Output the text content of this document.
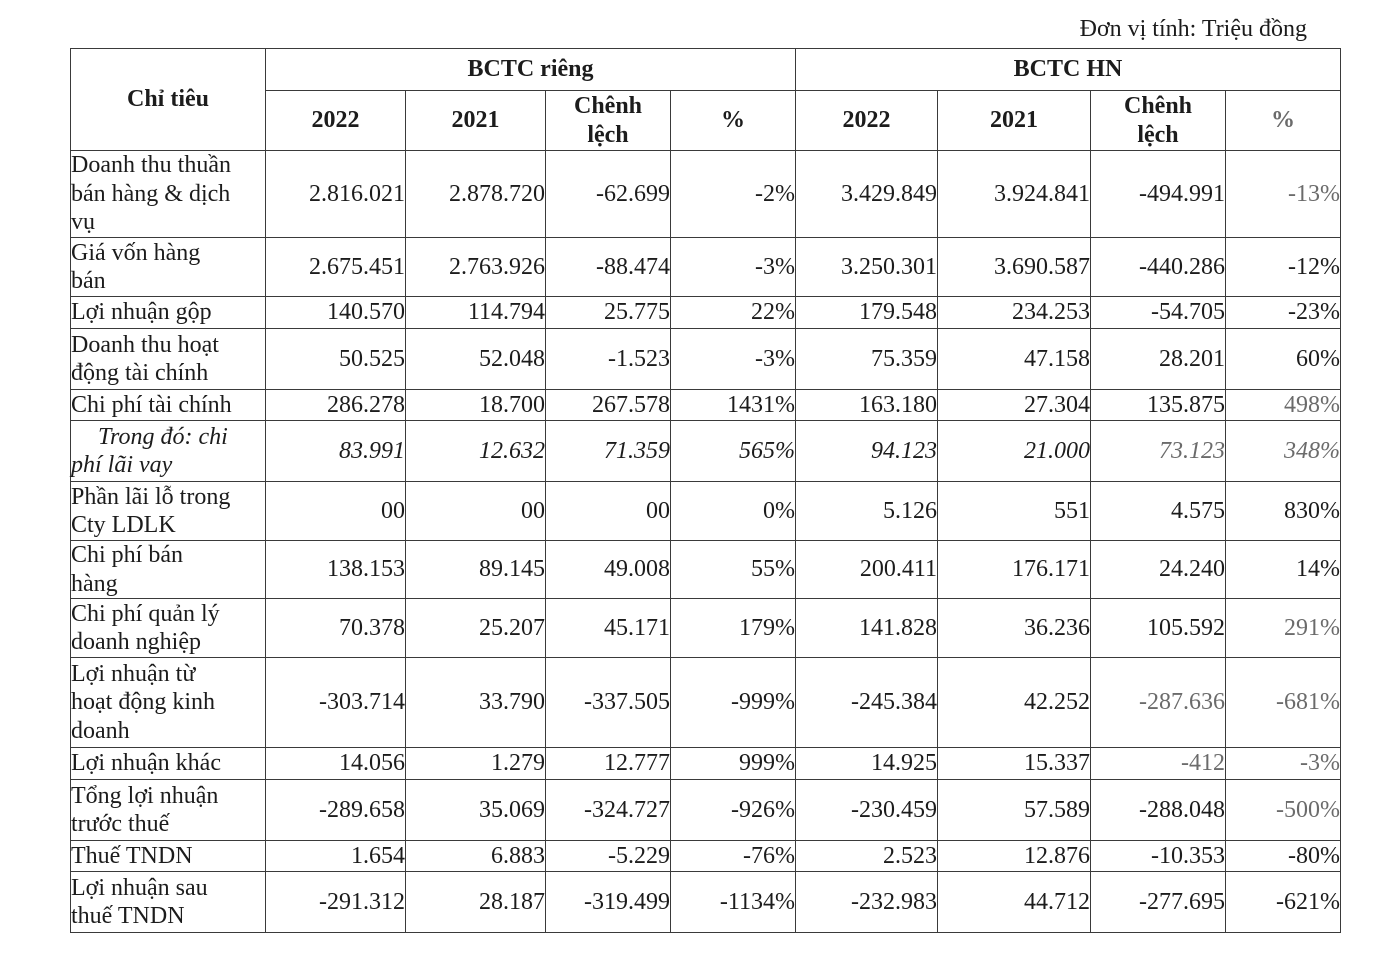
Đơn vị tính: Triệu đồng
Chỉ tiêu	BCTC riêng				BCTC HN			
	2022	2021	Chênh lệch	%	2022	2021	Chênh lệch	%

Doanh thu thuần bán hàng & dịch vụ	2.816.021	2.878.720	-62.699	-2%	3.429.849	3.924.841	-494.991	-13%

Giá vốn hàng bán	2.675.451	2.763.926	-88.474	-3%	3.250.301	3.690.587	-440.286	-12%

Lợi nhuận gộp	140.570	114.794	25.775	22%	179.548	234.253	-54.705	-23%

Doanh thu hoạt động tài chính	50.525	52.048	-1.523	-3%	75.359	47.158	28.201	60%

Chi phí tài chính	286.278	18.700	267.578	1431%	163.180	27.304	135.875	498%

Trong đó: chi phí lãi vay	83.991	12.632	71.359	565%	94.123	21.000	73.123	348%

Phần lãi lỗ trong Cty LDLK	00	00	00	0%	5.126	551	4.575	830%

Chi phí bán hàng	138.153	89.145	49.008	55%	200.411	176.171	24.240	14%

Chi phí quản lý doanh nghiệp	70.378	25.207	45.171	179%	141.828	36.236	105.592	291%

Lợi nhuận từ hoạt động kinh doanh	-303.714	33.790	-337.505	-999%	-245.384	42.252	-287.636	-681%

Lợi nhuận khác	14.056	1.279	12.777	999%	14.925	15.337	-412	-3%

Tổng lợi nhuận trước thuế	-289.658	35.069	-324.727	-926%	-230.459	57.589	-288.048	-500%

Thuế TNDN	1.654	6.883	-5.229	-76%	2.523	12.876	-10.353	-80%

Lợi nhuận sau thuế TNDN	-291.312	28.187	-319.499	-1134%	-232.983	44.712	-277.695	-621%
